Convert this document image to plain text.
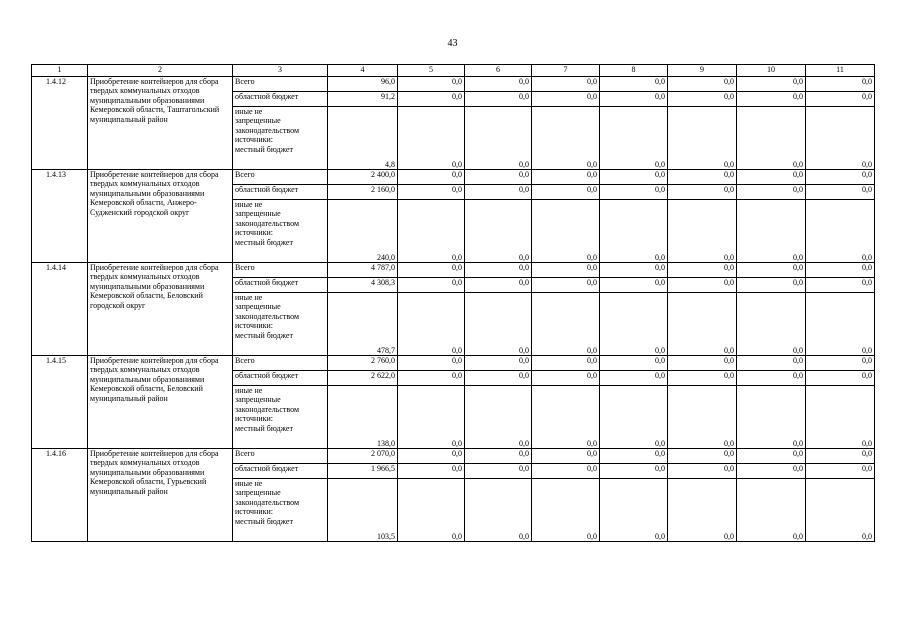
43
1	2	3	4	5	6	7	8	9	10	11
1.4.12	Приобретение контейнеров для сбора твердых коммунальных отходов муниципальными образованиями Кемеровской области, Таштагольский муниципальный район	Всего	96,0	0,0	0,0	0,0	0,0	0,0	0,0	0,0
		областной бюджет	91,2	0,0	0,0	0,0	0,0	0,0	0,0	0,0

		иные не
запрещенные
законодательством
источники:
местный бюджет	4,8	0,0	0,0	0,0	0,0	0,0	0,0	0,0
1.4.13	Приобретение контейнеров для сбора твердых коммунальных отходов муниципальными образованиями Кемеровской области, Анжеро-Судженский городской округ	Всего	2 400,0	0,0	0,0	0,0	0,0	0,0	0,0	0,0
		областной бюджет	2 160,0	0,0	0,0	0,0	0,0	0,0	0,0	0,0

		иные не
запрещенные
законодательством
источники:
местный бюджет	240,0	0,0	0,0	0,0	0,0	0,0	0,0	0,0
1.4.14	Приобретение контейнеров для сбора твердых коммунальных отходов муниципальными образованиями Кемеровской области, Беловский городской округ	Всего	4 787,0	0,0	0,0	0,0	0,0	0,0	0,0	0,0
		областной бюджет	4 308,3	0,0	0,0	0,0	0,0	0,0	0,0	0,0

		иные не
запрещенные
законодательством
источники:
местный бюджет	478,7	0,0	0,0	0,0	0,0	0,0	0,0	0,0
1.4.15	Приобретение контейнеров для сбора твердых коммунальных отходов муниципальными образованиями Кемеровской области, Беловский муниципальный район	Всего	2 760,0	0,0	0,0	0,0	0,0	0,0	0,0	0,0
		областной бюджет	2 622,0	0,0	0,0	0,0	0,0	0,0	0,0	0,0

		иные не
запрещенные
законодательством
источники:
местный бюджет	138,0	0,0	0,0	0,0	0,0	0,0	0,0	0,0
1.4.16	Приобретение контейнеров для сбора твердых коммунальных отходов муниципальными образованиями Кемеровской области, Гурьевский муниципальный район	Всего	2 070,0	0,0	0,0	0,0	0,0	0,0	0,0	0,0
		областной бюджет	1 966,5	0,0	0,0	0,0	0,0	0,0	0,0	0,0

		иные не
запрещенные
законодательством
источники:
местный бюджет	103,5	0,0	0,0	0,0	0,0	0,0	0,0	0,0
